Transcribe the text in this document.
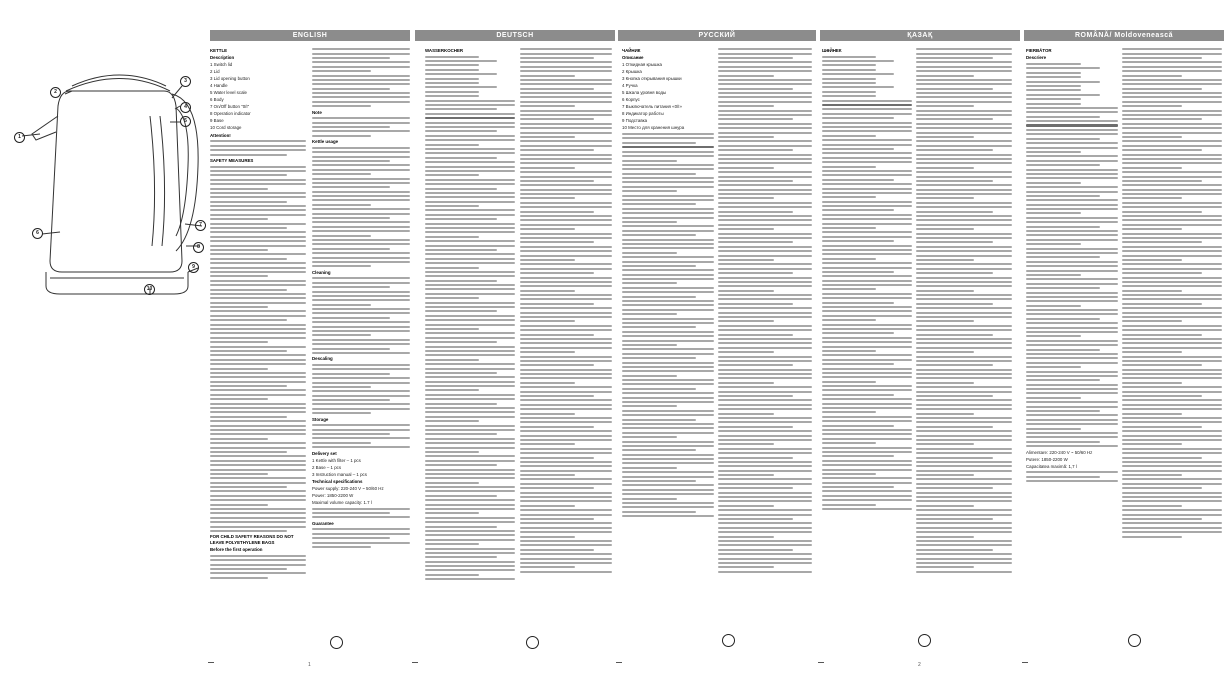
ENGLISH	DEUTSCH	РУССКИЙ	ҚАЗАҚ	ROMÂNĂ/ Moldovenească
2
1
3
4
5
6
7
8
9
10

KETTLE

Description

1 Switch lid

2 Lid

3 Lid opening button

4 Handle

5 Water level scale

6 Body

7 On/Off button "0/I"

8 Operation indicator

9 Base

10 Cord storage

Attention!

SAFETY MEASURES

FOR CHILD SAFETY REASONS DO NOT LEAVE POLYETHYLENE BAGS

Before the first operation

Note

Kettle usage

Cleaning

Descaling

Storage

Delivery set

1 Kettle with filter – 1 pcs

2 Base – 1 pcs

3 Instruction manual – 1 pcs

Technical specifications

Power supply: 220-240 V ~ 50/60 Hz

Power: 1850-2200 W

Maximal volume capacity: 1.7 l

Guarantee

WASSERKOCHER	ЧАЙНИК

Описание

1 Откидная крышка

2 Крышка

3 Кнопка открывания крышки

4 Ручка

5 Шкала уровня воды

6 Корпус

7 Выключатель питания «0/I»

8 Индикатор работы

9 Подставка

10 Место для хранения шнура

ШӘЙНЕК	FIERBĂTOR

Descriere

Alimentare: 220-240 V ~ 50/60 Hz

Putere: 1850-2200 W

Capacitatea maximă: 1,7 l

1	2
